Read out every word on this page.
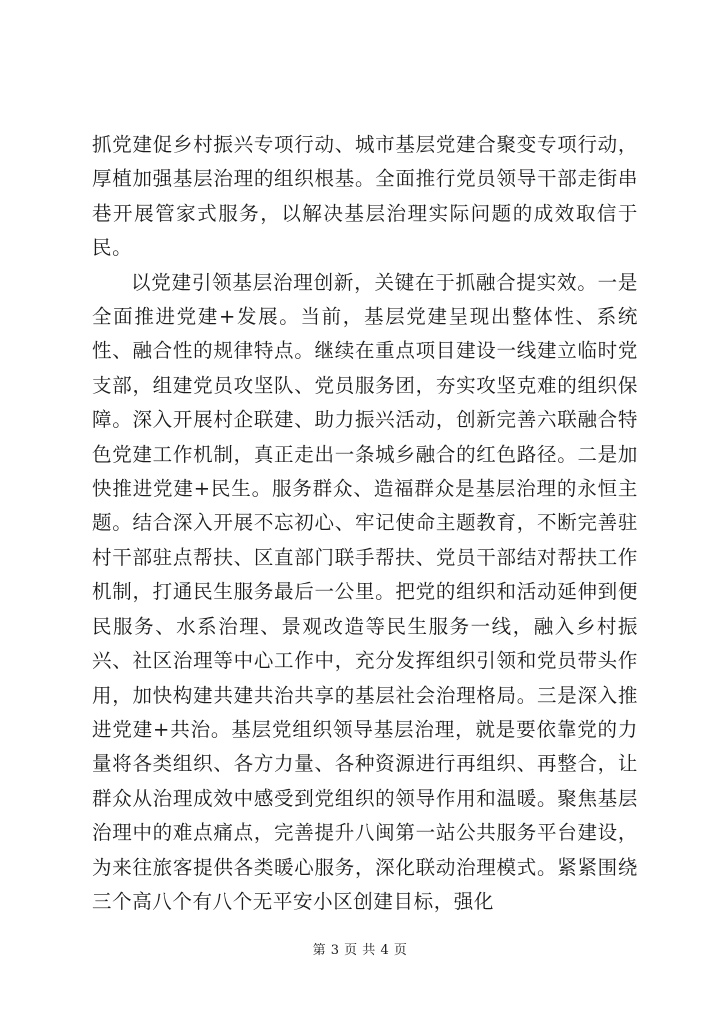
抓党建促乡村振兴专项行动、城市基层党建合聚变专项行动，厚植加强基层治理的组织根基。全面推行党员领导干部走街串巷开展管家式服务，以解决基层治理实际问题的成效取信于民。

以党建引领基层治理创新，关键在于抓融合提实效。一是全面推进党建+发展。当前，基层党建呈现出整体性、系统性、融合性的规律特点。继续在重点项目建设一线建立临时党支部，组建党员攻坚队、党员服务团，夯实攻坚克难的组织保障。深入开展村企联建、助力振兴活动，创新完善六联融合特色党建工作机制，真正走出一条城乡融合的红色路径。二是加快推进党建+民生。服务群众、造福群众是基层治理的永恒主题。结合深入开展不忘初心、牢记使命主题教育，不断完善驻村干部驻点帮扶、区直部门联手帮扶、党员干部结对帮扶工作机制，打通民生服务最后一公里。把党的组织和活动延伸到便民服务、水系治理、景观改造等民生服务一线，融入乡村振兴、社区治理等中心工作中，充分发挥组织引领和党员带头作用，加快构建共建共治共享的基层社会治理格局。三是深入推进党建+共治。基层党组织领导基层治理，就是要依靠党的力量将各类组织、各方力量、各种资源进行再组织、再整合，让群众从治理成效中感受到党组织的领导作用和温暖。聚焦基层治理中的难点痛点，完善提升八闽第一站公共服务平台建设，为来往旅客提供各类暖心服务，深化联动治理模式。紧紧围绕三个高八个有八个无平安小区创建目标，强化

第 3 页 共 4 页
